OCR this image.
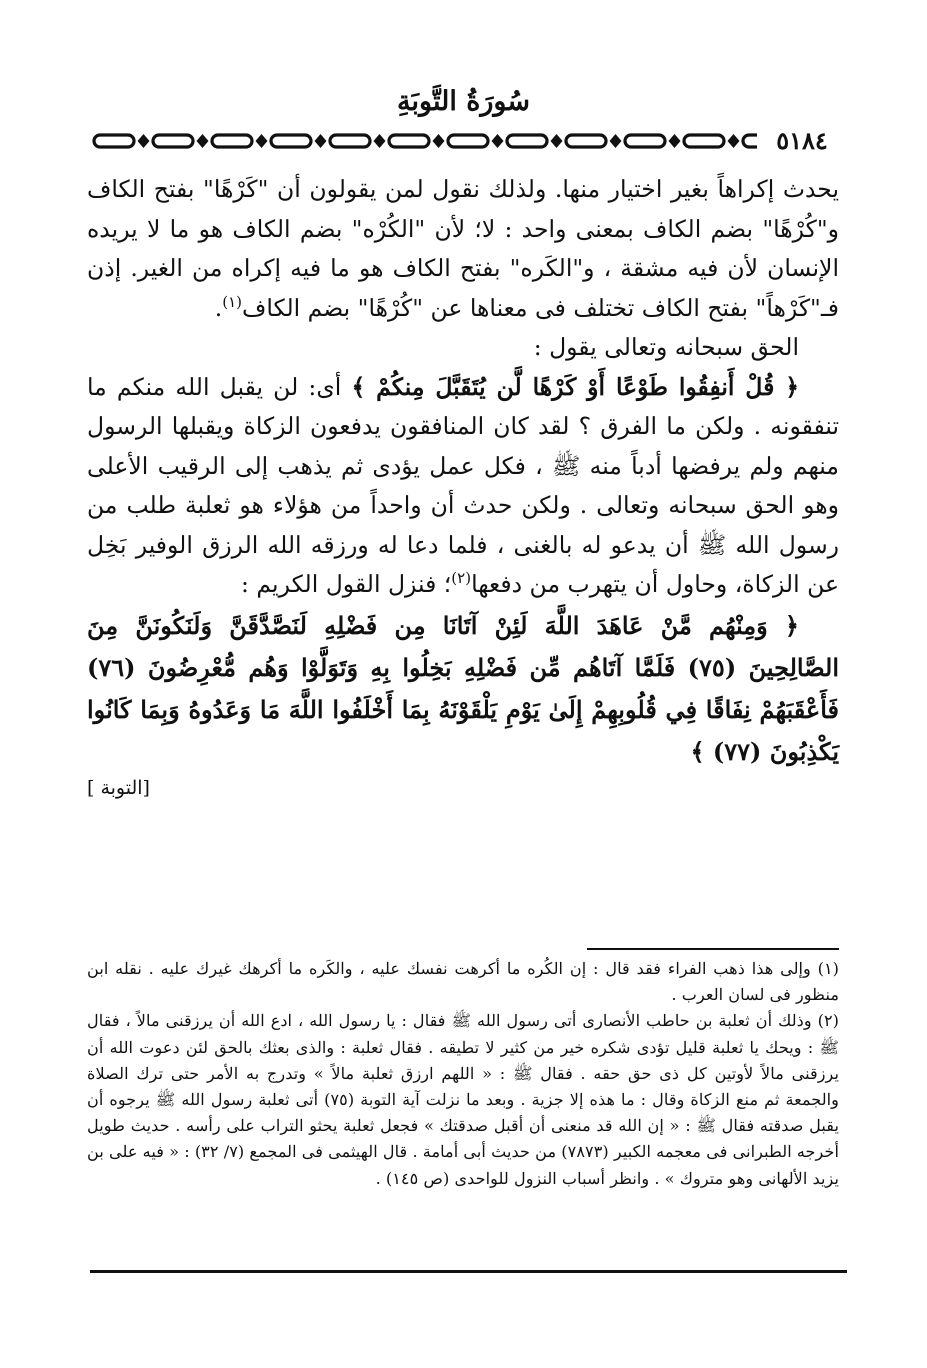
سُورَةُ التَّوبَةِ
٥١٨٤

يحدث إكراهاً بغير اختيار منها. ولذلك نقول لمن يقولون أن "كَرْهًا" بفتح الكاف و"كُرْهًا" بضم الكاف بمعنى واحد : لا؛ لأن "الكُرْه" بضم الكاف هو ما لا يريده الإنسان لأن فيه مشقة ، و"الكَره" بفتح الكاف هو ما فيه إكراه من الغير. إذن فـ"كَرْهاً" بفتح الكاف تختلف فى معناها عن "كُرْهًا" بضم الكاف$^{(١)}$.

الحق سبحانه وتعالى يقول :

﴿ قُلْ أَنفِقُوا طَوْعًا أَوْ كَرْهًا لَّن يُتَقَبَّلَ مِنكُمْ ﴾ أى: لن يقبل الله منكم ما تنفقونه . ولكن ما الفرق ؟ لقد كان المنافقون يدفعون الزكاة ويقبلها الرسول منهم ولم يرفضها أدباً منه ﷺ ، فكل عمل يؤدى ثم يذهب إلى الرقيب الأعلى وهو الحق سبحانه وتعالى . ولكن حدث أن واحداً من هؤلاء هو ثعلبة طلب من رسول الله ﷺ أن يدعو له بالغنى ، فلما دعا له ورزقه الله الرزق الوفير بَخِل عن الزكاة، وحاول أن يتهرب من دفعها$^{(٢)}$؛ فنزل القول الكريم :

﴿ وَمِنْهُم مَّنْ عَاهَدَ اللَّهَ لَئِنْ آتَانَا مِن فَضْلِهِ لَنَصَّدَّقَنَّ وَلَنَكُونَنَّ مِنَ الصَّالِحِينَ (٧٥) فَلَمَّا آتَاهُم مِّن فَضْلِهِ بَخِلُوا بِهِ وَتَوَلَّوْا وَهُم مُّعْرِضُونَ (٧٦) فَأَعْقَبَهُمْ نِفَاقًا فِي قُلُوبِهِمْ إِلَىٰ يَوْمِ يَلْقَوْنَهُ بِمَا أَخْلَفُوا اللَّهَ مَا وَعَدُوهُ وَبِمَا كَانُوا يَكْذِبُونَ (٧٧) ﴾

[التوبة ]

(١) وإلى هذا ذهب الفراء فقد قال : إن الكُره ما أكرهت نفسك عليه ، والكَره ما أكرهك غيرك عليه . نقله ابن منظور فى لسان العرب .

(٢) وذلك أن ثعلبة بن حاطب الأنصارى أتى رسول الله ﷺ فقال : يا رسول الله ، ادع الله أن يرزقنى مالاً ، فقال ﷺ : ويحك يا ثعلبة قليل تؤدى شكره خير من كثير لا تطيقه . فقال ثعلبة : والذى بعثك بالحق لئن دعوت الله أن يرزقنى مالاً لأوتين كل ذى حق حقه . فقال ﷺ : « اللهم ارزق ثعلبة مالاً » وتدرج به الأمر حتى ترك الصلاة والجمعة ثم منع الزكاة وقال : ما هذه إلا جزية . وبعد ما نزلت آية التوبة (٧٥) أتى ثعلبة رسول الله ﷺ يرجوه أن يقبل صدقته فقال ﷺ : « إن الله قد منعنى أن أقبل صدقتك » فجعل ثعلبة يحثو التراب على رأسه . حديث طويل أخرجه الطبرانى فى معجمه الكبير (٧٨٧٣) من حديث أبى أمامة . قال الهيثمى فى المجمع (٧/ ٣٢) : « فيه على بن يزيد الألهانى وهو متروك » . وانظر أسباب النزول للواحدى (ص ١٤٥) .
